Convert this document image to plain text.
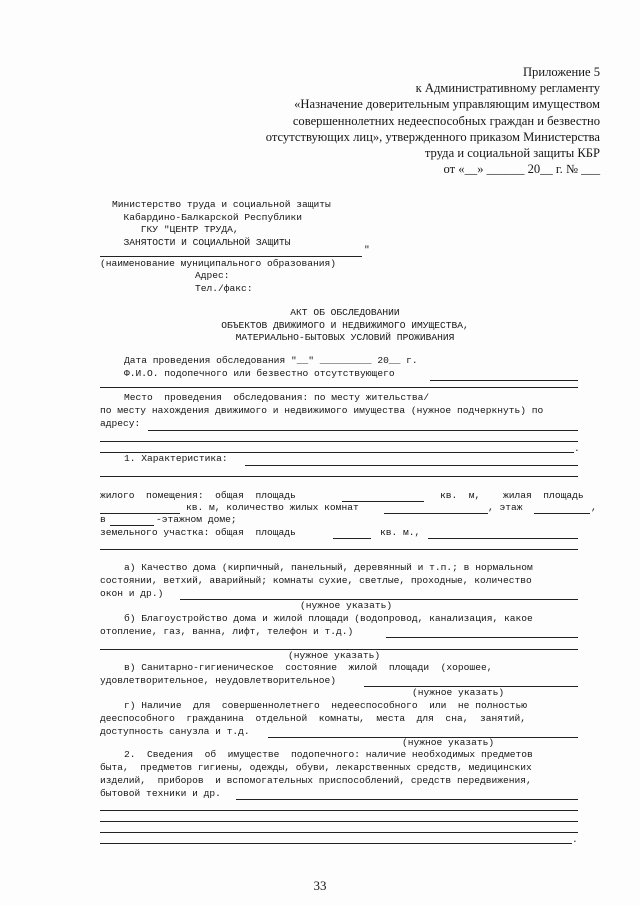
Приложение 5
к Административному регламенту
«Назначение доверительным управляющим имуществом
совершеннолетних недееспособных граждан и безвестно
отсутствующих лиц», утвержденного приказом Министерства
труда и социальной защиты КБР
от «__» ______ 20__ г. № ___
Министерство труда и социальной защиты
Кабардино-Балкарской Республики
ГКУ "ЦЕНТР ТРУДА,
ЗАНЯТОСТИ И СОЦИАЛЬНОЙ ЗАЩИТЫ
"
(наименование муниципального образования)
Адрес:
Тел./факс:
АКТ ОБ ОБСЛЕДОВАНИИ
ОБЪЕКТОВ ДВИЖИМОГО И НЕДВИЖИМОГО ИМУЩЕСТВА,
МАТЕРИАЛЬНО-БЫТОВЫХ УСЛОВИЙ ПРОЖИВАНИЯ
Дата проведения обследования "__" _________ 20__ г.
Ф.И.О. подопечного или безвестно отсутствующего
Место  проведения  обследования: по месту жительства/
по месту нахождения движимого и недвижимого имущества (нужное подчеркнуть) по
адресу:
.
1. Характеристика:
жилого  помещения:  общая  площадь	кв.  м, жилая  площадь
кв. м, количество жилых комнат	, этаж	,
в	-этажном доме;
земельного участка: общая  площадь	кв. м.,
а) Качество дома (кирпичный, панельный, деревянный и т.п.; в нормальном
состоянии, ветхий, аварийный; комнаты сухие, светлые, проходные, количество
окон и др.)
(нужное указать)
б) Благоустройство дома и жилой площади (водопровод, канализация, какое
отопление, газ, ванна, лифт, телефон и т.д.)
(нужное указать)
в) Санитарно-гигиеническое  состояние  жилой  площади  (хорошее,
удовлетворительное, неудовлетворительное)
(нужное указать)
г) Наличие  для  совершеннолетнего  недееспособного  или  не полностью
дееспособного  гражданина  отдельной  комнаты,  места  для  сна,  занятий,
доступность санузла и т.д.
(нужное указать)
2.  Сведения  об  имуществе  подопечного: наличие необходимых предметов
быта,  предметов гигиены, одежды, обуви, лекарственных средств, медицинских
изделий,  приборов  и вспомогательных приспособлений, средств передвижения,
бытовой техники и др.
.
33
